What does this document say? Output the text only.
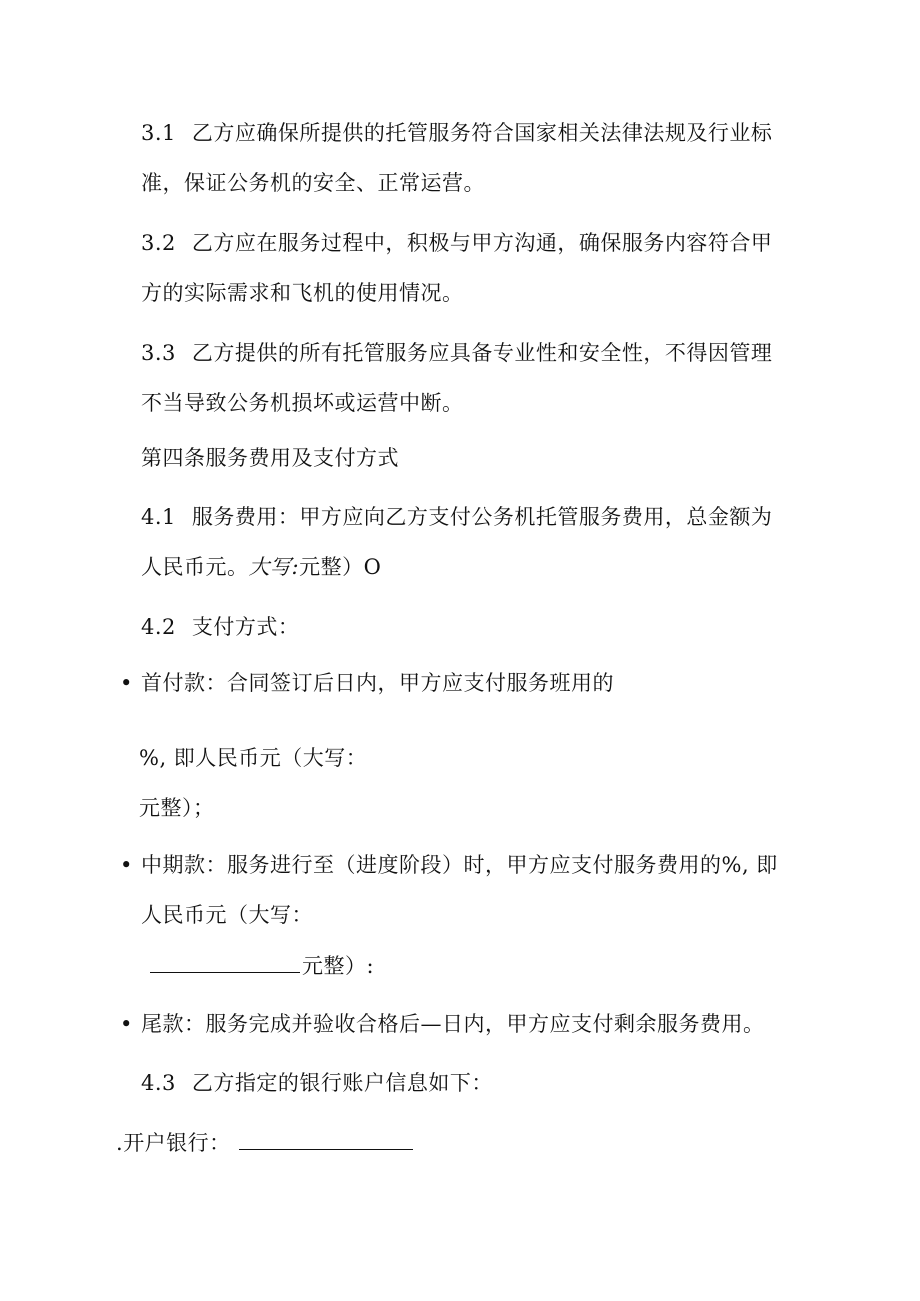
3.1 乙方应确保所提供的托管服务符合国家相关法律法规及行业标
准，保证公务机的安全、正常运营。
3.2 乙方应在服务过程中，积极与甲方沟通，确保服务内容符合甲
方的实际需求和飞机的使用情况。
3.3 乙方提供的所有托管服务应具备专业性和安全性，不得因管理
不当导致公务机损坏或运营中断。
第四条服务费用及支付方式
4.1 服务费用：甲方应向乙方支付公务机托管服务费用，总金额为
人民币元。大写:元整）O
4.2 支付方式：
• 首付款：合同签订后日内，甲方应支付服务班用的
%, 即人民币元（大写：
元整）；
• 中期款：服务进行至（进度阶段）时，甲方应支付服务费用的%, 即
人民币元（大写：
元整）:
• 尾款：服务完成并验收合格后—日内，甲方应支付剩余服务费用。
4.3 乙方指定的银行账户信息如下：
.开户银行：
